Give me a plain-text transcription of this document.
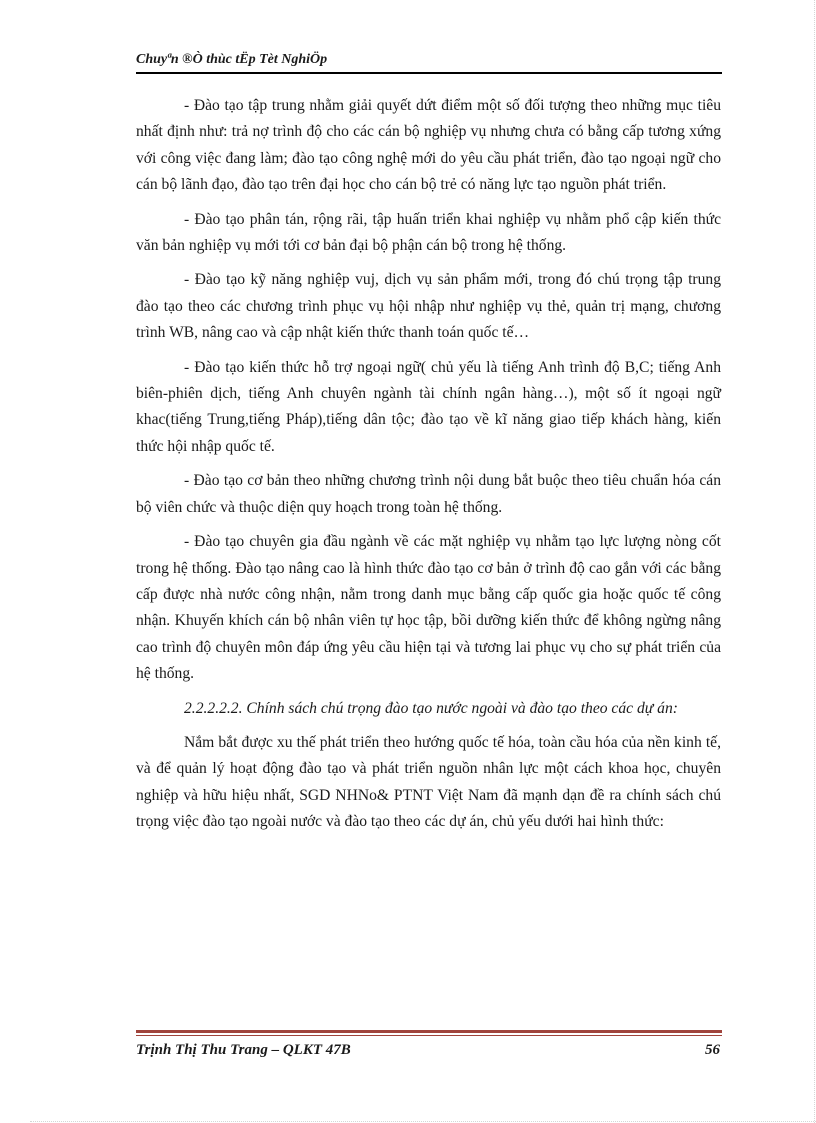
Chuyªn ®Ò thùc tËp Tèt NghiÖp

- Đào tạo tập trung nhằm giải quyết dứt điểm một số đối tượng theo những mục tiêu nhất định như: trả nợ trình độ cho các cán bộ nghiệp vụ nhưng chưa có bằng cấp tương xứng với công việc đang làm; đào tạo công nghệ mới do yêu cầu phát triển, đào tạo ngoại ngữ cho cán bộ lãnh đạo, đào tạo trên đại học cho cán bộ trẻ có năng lực tạo nguồn phát triển.

- Đào tạo phân tán, rộng rãi, tập huấn triển khai nghiệp vụ nhằm phổ cập kiến thức văn bản nghiệp vụ mới tới cơ bản đại bộ phận cán bộ trong hệ thống.

- Đào tạo kỹ năng nghiệp vuj, dịch vụ sản phẩm mới, trong đó chú trọng tập trung đào tạo theo các chương trình phục vụ hội nhập như nghiệp vụ thẻ, quản trị mạng, chương trình WB, nâng cao và cập nhật kiến thức thanh toán quốc tế…

- Đào tạo kiến thức hỗ trợ ngoại ngữ( chủ yếu là tiếng Anh trình độ B,C; tiếng Anh biên-phiên dịch, tiếng Anh chuyên ngành tài chính ngân hàng…), một số ít ngoại ngữ khac(tiếng Trung,tiếng Pháp),tiếng dân tộc; đào tạo về kĩ năng giao tiếp khách hàng, kiến thức hội nhập quốc tế.

- Đào tạo cơ bản theo những chương trình nội dung bắt buộc theo tiêu chuẩn hóa cán bộ viên chức và thuộc diện quy hoạch trong toàn hệ thống.

- Đào tạo chuyên gia đầu ngành về các mặt nghiệp vụ nhằm tạo lực lượng nòng cốt trong hệ thống. Đào tạo nâng cao là hình thức đào tạo cơ bản ở trình độ cao gắn với các bằng cấp được nhà nước công nhận, nằm trong danh mục bằng cấp quốc gia hoặc quốc tế công nhận. Khuyến khích cán bộ nhân viên tự học tập, bồi dưỡng kiến thức để không ngừng nâng cao trình độ chuyên môn đáp ứng yêu cầu hiện tại và tương lai phục vụ cho sự phát triển của hệ thống.

2.2.2.2.2. Chính sách chú trọng đào tạo nước ngoài và đào tạo theo các dự án:

Nắm bắt được xu thế phát triển theo hướng quốc tế hóa, toàn cầu hóa của nền kinh tế, và để quản lý hoạt động đào tạo và phát triển nguồn nhân lực một cách khoa học, chuyên nghiệp và hữu hiệu nhất, SGD NHNo& PTNT Việt Nam đã mạnh dạn đề ra chính sách chú trọng việc đào tạo ngoài nước và đào tạo theo các dự án, chủ yếu dưới hai hình thức:

Trịnh Thị Thu Trang – QLKT 47B	56
